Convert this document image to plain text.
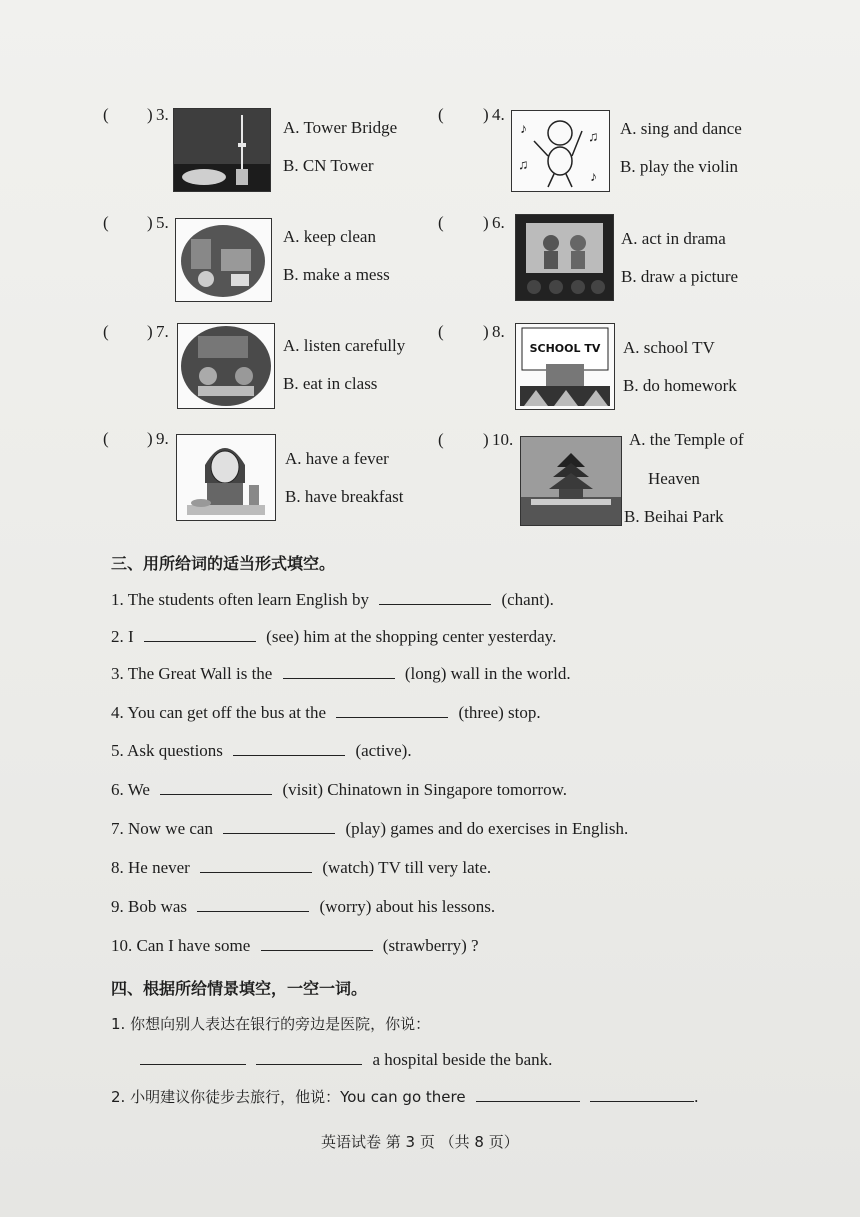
( ) 3.
A. Tower Bridge
B. CN Tower
( ) 4.
♪
♫
♫
♪
A. sing and dance
B. play the violin
( ) 5.
A. keep clean
B. make a mess
( ) 6.
A. act in drama
B. draw a picture
( ) 7.
A. listen carefully
B. eat in class
( ) 8.
SCHOOL TV A. school TV
B. do homework
( ) 9.
A. have a fever
B. have breakfast
( ) 10.	A. the Temple of
Heaven
B. Beihai Park
三、用所给词的适当形式填空。
1. The students often learn English by	(chant).
2. I	(see) him at the shopping center yesterday.
3. The Great Wall is the	(long) wall in the world.
4. You can get off the bus at the	(three) stop.
5. Ask questions	(active).
6. We	(visit) Chinatown in Singapore tomorrow.
7. Now we can	(play) games and do exercises in English.
8. He never	(watch) TV till very late.
9. Bob was	(worry) about his lessons.
10. Can I have some	(strawberry) ?
四、根据所给情景填空，一空一词。
1. 你想向别人表达在银行的旁边是医院，你说：
a hospital beside the bank.
2. 小明建议你徒步去旅行，他说：You can go there	.
英语试卷 第 3 页 （共 8 页）
